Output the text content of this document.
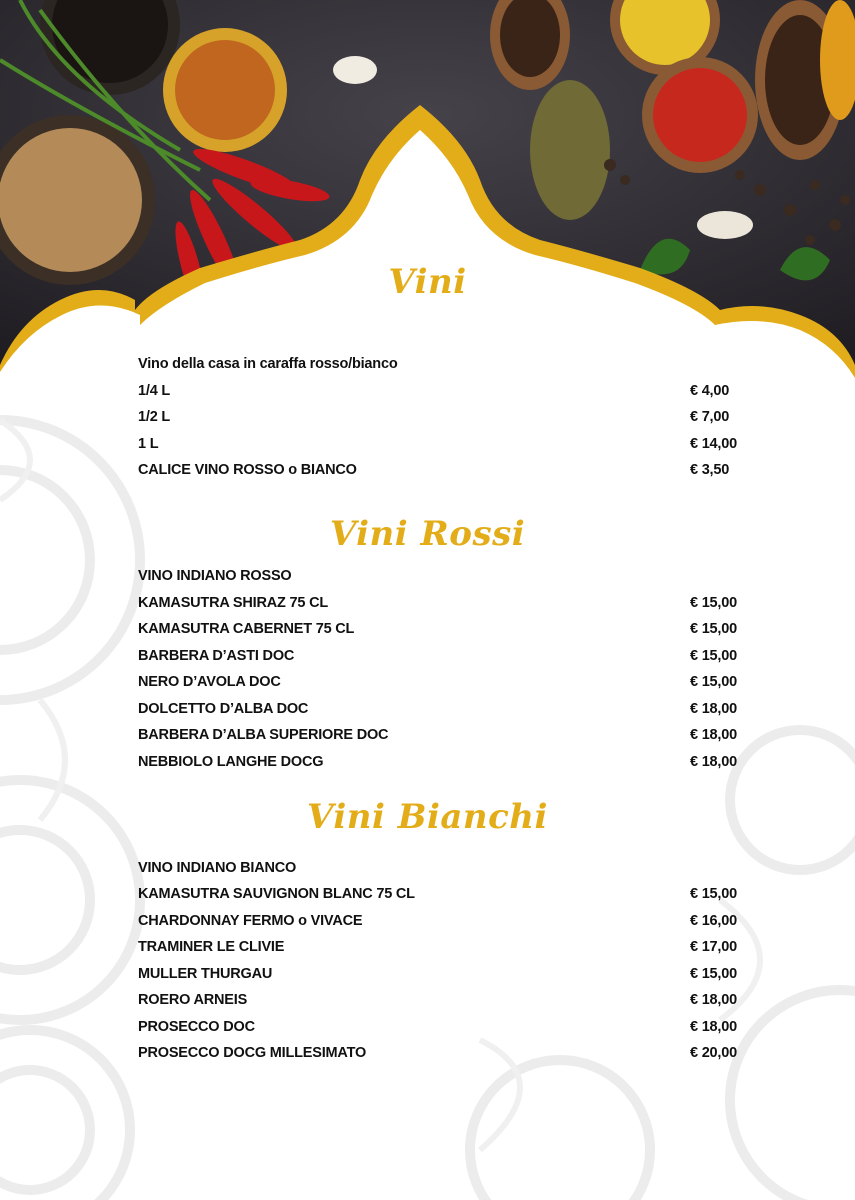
Vini
Vini Rossi
Vini Bianchi
Vino della casa in caraffa rosso/bianco
1/4 L	€ 4,00
1/2 L	€ 7,00
1 L	€ 14,00
CALICE VINO ROSSO o BIANCO	€ 3,50
VINO INDIANO ROSSO
KAMASUTRA SHIRAZ 75 CL	€ 15,00
KAMASUTRA CABERNET 75 CL	€ 15,00
BARBERA D’ASTI DOC	€ 15,00
NERO D’AVOLA DOC	€ 15,00
DOLCETTO D’ALBA DOC	€ 18,00
BARBERA D’ALBA SUPERIORE DOC	€ 18,00
NEBBIOLO LANGHE DOCG	€ 18,00
VINO INDIANO BIANCO
KAMASUTRA SAUVIGNON BLANC 75 CL	€ 15,00
CHARDONNAY FERMO o VIVACE	€ 16,00
TRAMINER LE CLIVIE	€ 17,00
MULLER THURGAU	€ 15,00
ROERO ARNEIS	€ 18,00
PROSECCO DOC	€ 18,00
PROSECCO DOCG MILLESIMATO	€ 20,00
